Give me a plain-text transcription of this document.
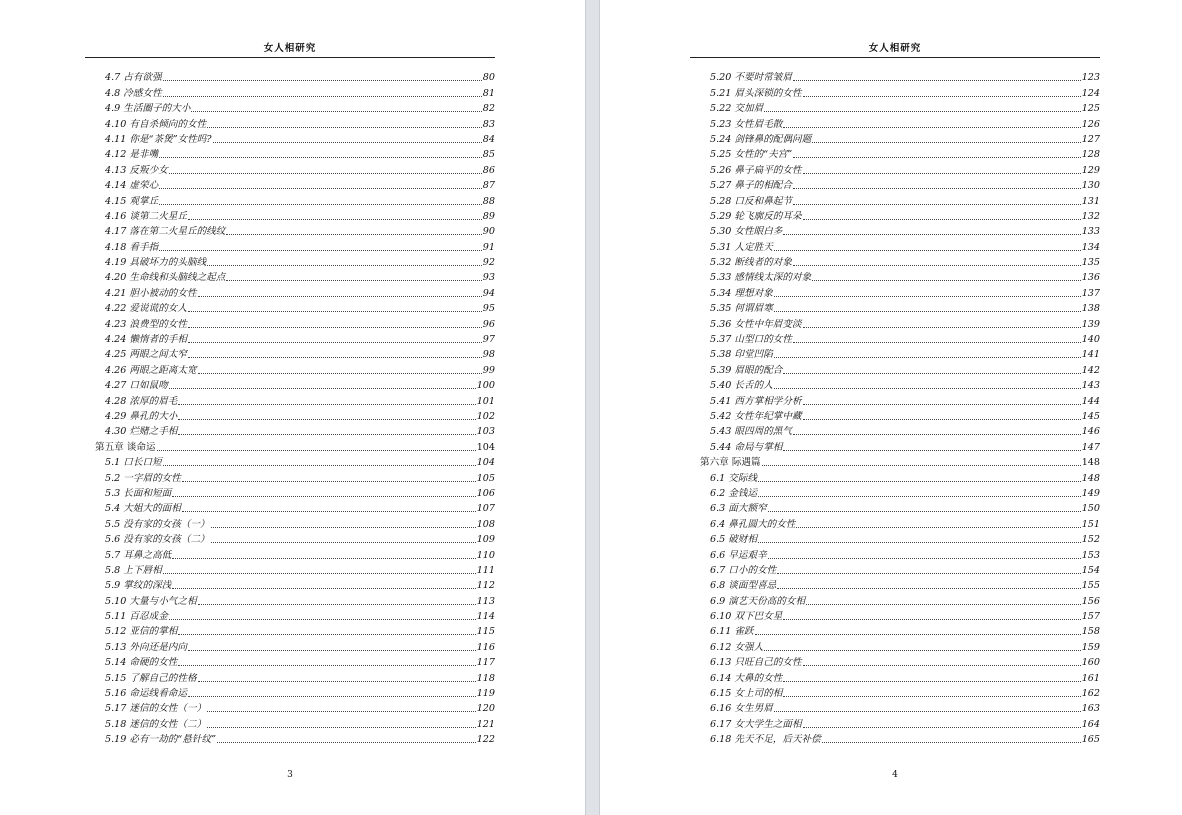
女人相研究
4.7 占有欲强	80
4.8 冷感女性	81
4.9 生活圈子的大小	82
4.10 有自杀倾向的女性	83
4.11 你是“茶煲”女性吗?	84
4.12 是非嘴	85
4.13 反叛少女	86
4.14 虚荣心	87
4.15 观掌丘	88
4.16 谈第二火星丘	89
4.17 落在第二火星丘的线纹	90
4.18 看手指	91
4.19 具破坏力的头脑线	92
4.20 生命线和头脑线之起点	93
4.21 胆小被动的女性	94
4.22 爱说谎的女人	95
4.23 浪费型的女性	96
4.24 懒惰者的手相	97
4.25 两眼之间太窄	98
4.26 两眼之距离太宽	99
4.27 口如鼠吻	100
4.28 浓厚的眉毛	101
4.29 鼻孔的大小	102
4.30 烂赌之手相	103
第五章 谈命运	104
5.1 口长口短	104
5.2 一字眉的女性	105
5.3 长面和短面	106
5.4 大姐大的面相	107
5.5 没有家的女孩（一）	108
5.6 没有家的女孩（二）	109
5.7 耳鼻之高低	110
5.8 上下唇相	111
5.9 掌纹的深浅	112
5.10 大量与小气之相	113
5.11 百忍成金	114
5.12 亚信的掌相	115
5.13 外向还是内向	116
5.14 命硬的女性	117
5.15 了解自己的性格	118
5.16 命运线看命运	119
5.17 迷信的女性（一）	120
5.18 迷信的女性（二）	121
5.19 必有一劫的“悬针纹”	122
3
女人相研究
5.20 不要时常皱眉	123
5.21 眉头深锁的女性	124
5.22 交加眉	125
5.23 女性眉毛散	126
5.24 剑锋鼻的配偶问题	127
5.25 女性的“夫宫”	128
5.26 鼻子扁平的女性	129
5.27 鼻子的相配合	130
5.28 口反和鼻起节	131
5.29 轮飞廓反的耳朵	132
5.30 女性眼白多	133
5.31 人定胜天	134
5.32 断线者的对象	135
5.33 感情线太深的对象	136
5.34 理想对象	137
5.35 何谓眉寒	138
5.36 女性中年眉变淡	139
5.37 山型口的女性	140
5.38 印堂凹陷	141
5.39 眉眼的配合	142
5.40 长舌的人	143
5.41 西方掌相学分析	144
5.42 女性年纪掌中藏	145
5.43 眼四周的黑气	146
5.44 命局与掌相	147
第六章 际遇篇	148
6.1 交际线	148
6.2 金钱运	149
6.3 面大额窄	150
6.4 鼻孔圆大的女性	151
6.5 破财相	152
6.6 早运艰辛	153
6.7 口小的女性	154
6.8 谈面型喜忌	155
6.9 演艺天份高的女相	156
6.10 双下巴女星	157
6.11 雀跃	158
6.12 女强人	159
6.13 只旺自己的女性	160
6.14 大鼻的女性	161
6.15 女上司的相	162
6.16 女生男眉	163
6.17 女大学生之面相	164
6.18 先天不足，后天补偿	165
4
